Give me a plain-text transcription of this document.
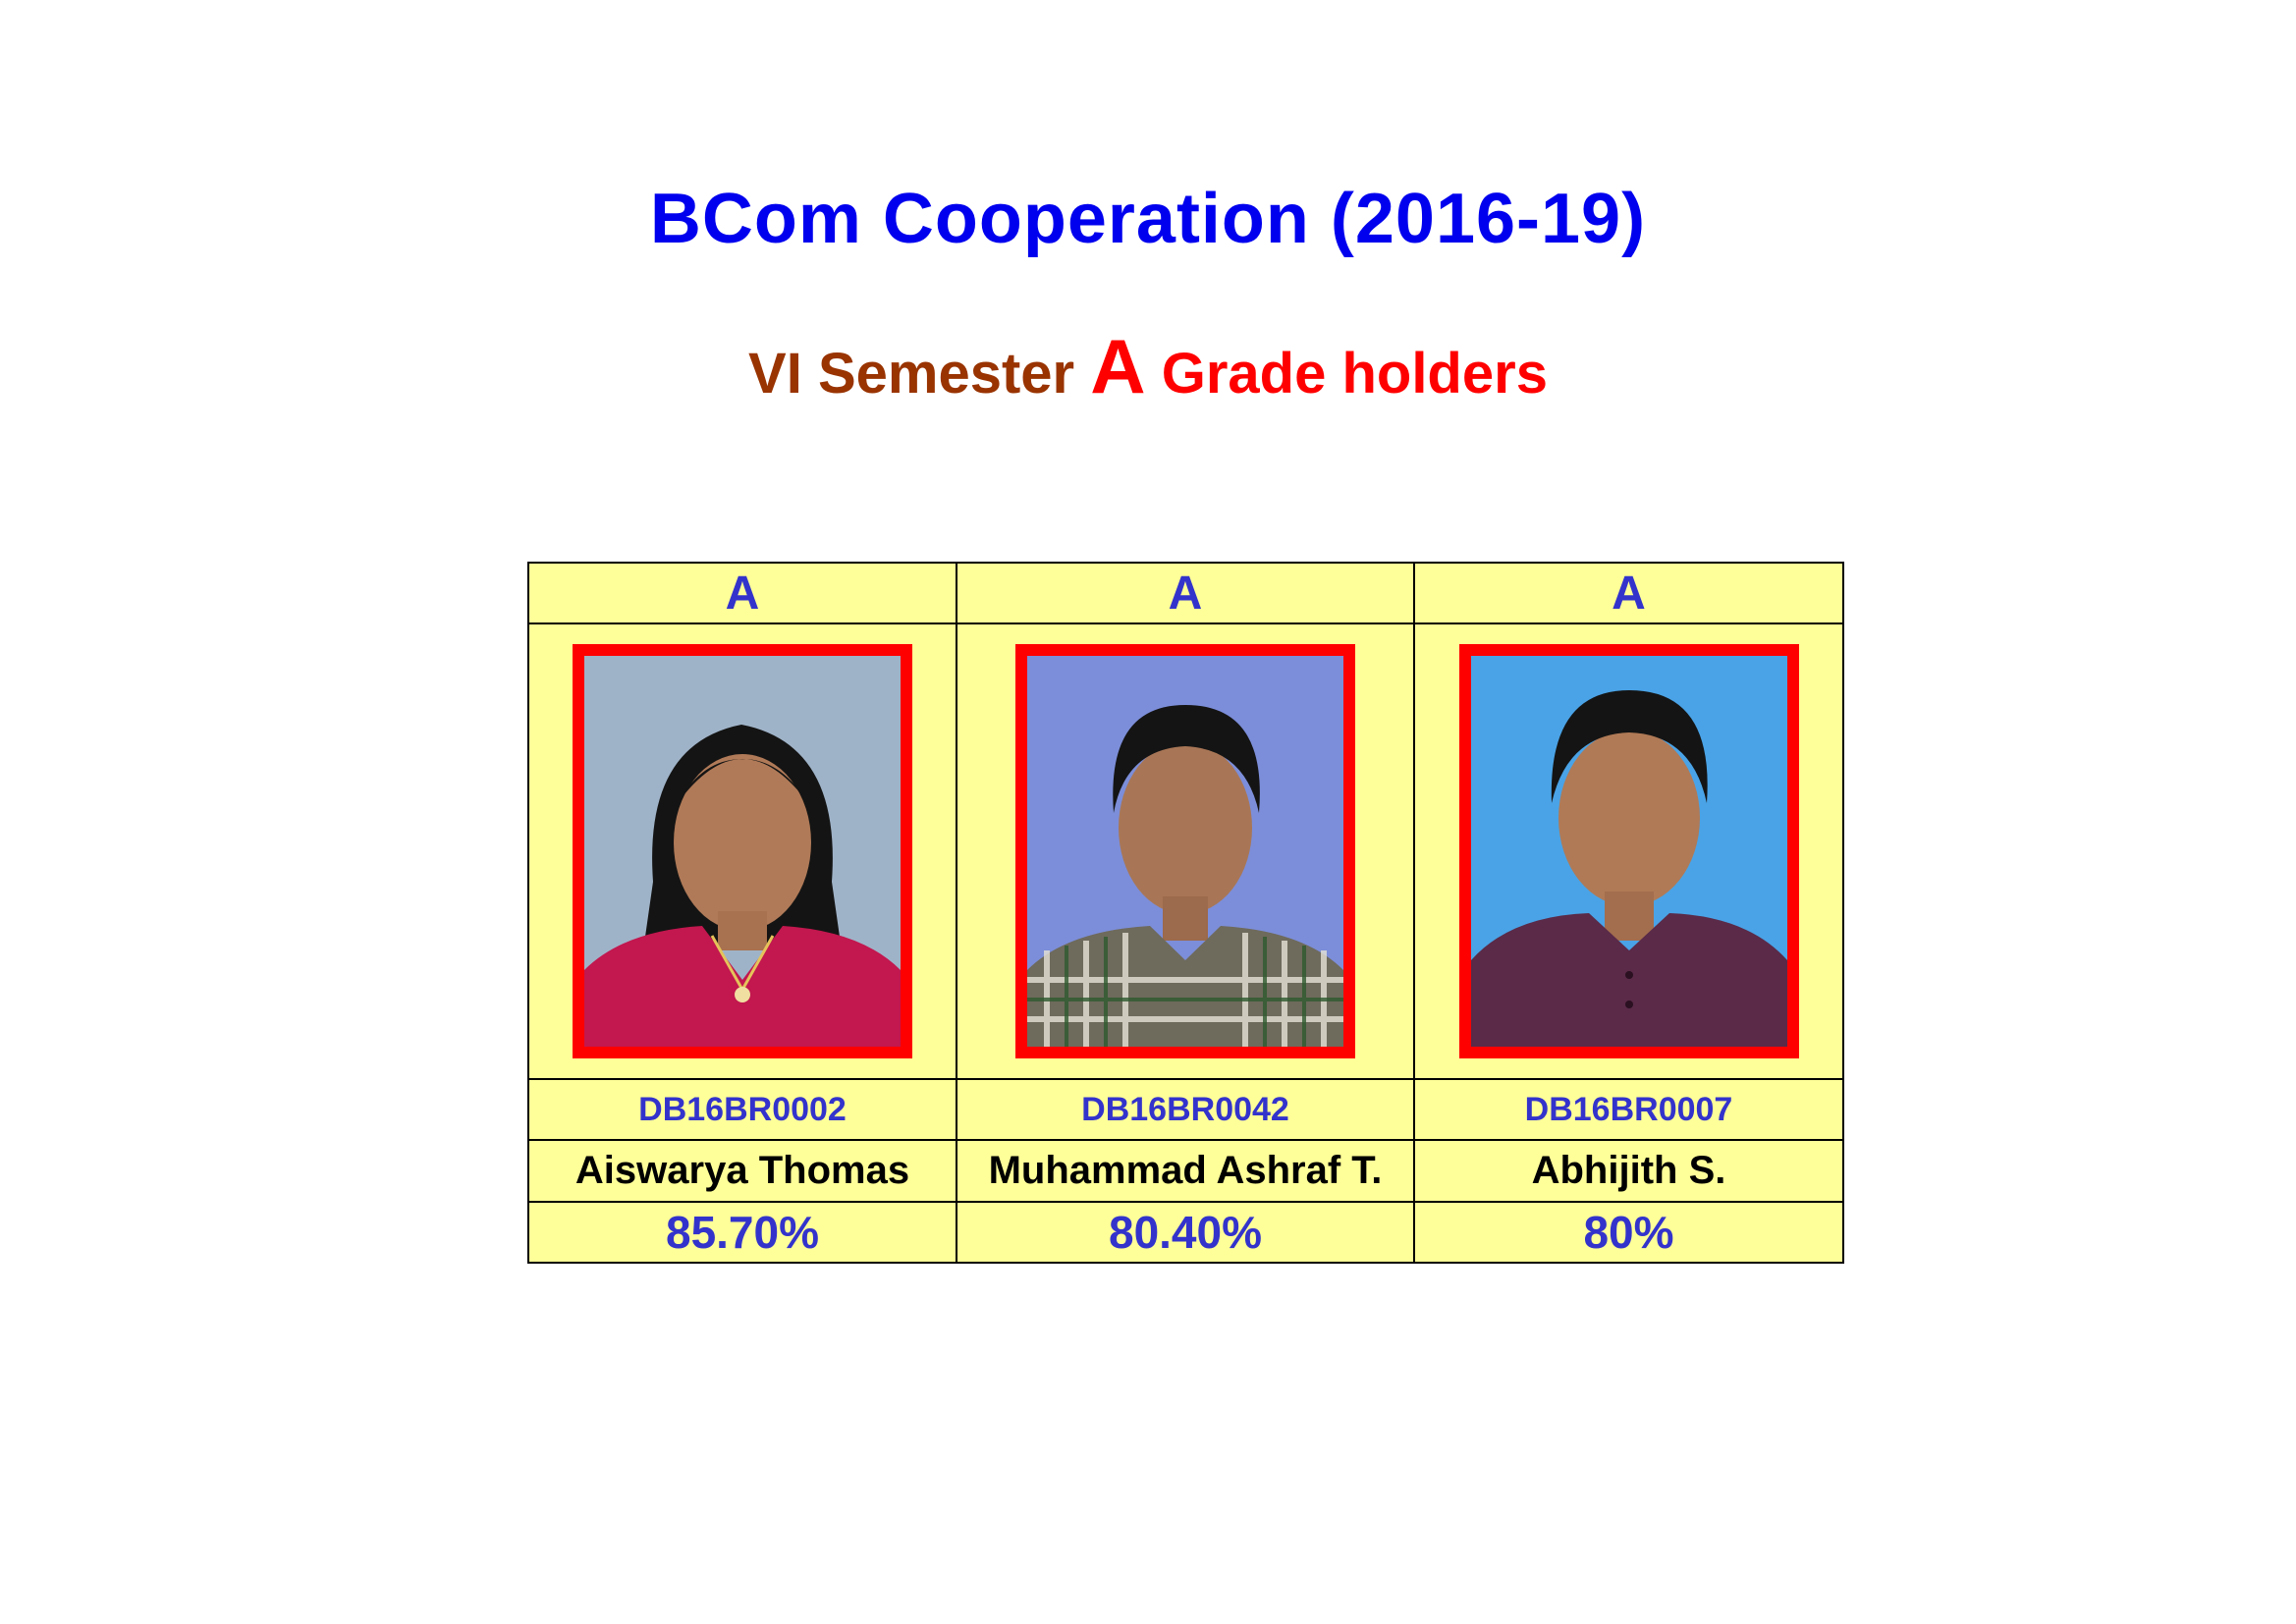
BCom Cooperation (2016-19)
VI Semester A Grade holders
A	A	A

DB16BR0002	DB16BR0042	DB16BR0007
Aiswarya Thomas	Muhammad Ashraf T.	Abhijith S.
85.70%	80.40%	80%
